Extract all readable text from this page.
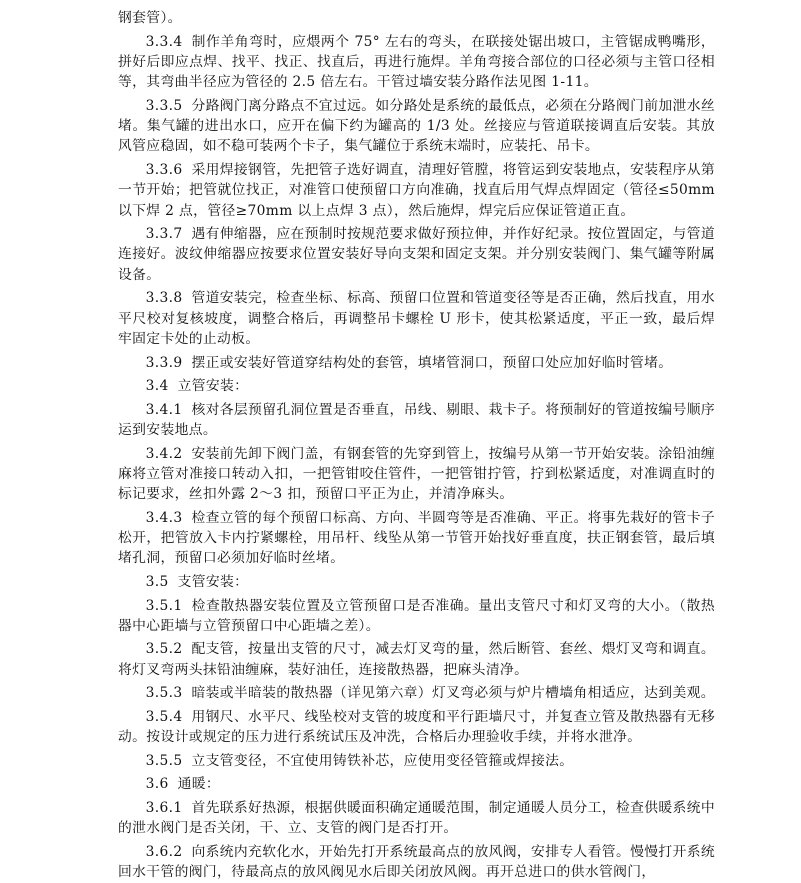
钢套管）。

3.3.4 制作羊角弯时，应煨两个 75° 左右的弯头，在联接处锯出坡口，主管锯成鸭嘴形，拼好后即应点焊、找平、找正、找直后，再进行施焊。羊角弯接合部位的口径必须与主管口径相等，其弯曲半径应为管径的 2.5 倍左右。干管过墙安装分路作法见图 1-11。

3.3.5 分路阀门离分路点不宜过远。如分路处是系统的最低点，必须在分路阀门前加泄水丝堵。集气罐的进出水口，应开在偏下约为罐高的 1/3 处。丝接应与管道联接调直后安装。其放风管应稳固，如不稳可装两个卡子，集气罐位于系统末端时，应装托、吊卡。

3.3.6 采用焊接钢管，先把管子选好调直，清理好管膛，将管运到安装地点，安装程序从第一节开始；把管就位找正，对准管口使预留口方向准确，找直后用气焊点焊固定（管径≤50mm 以下焊 2 点，管径≥70mm 以上点焊 3 点），然后施焊，焊完后应保证管道正直。

3.3.7 遇有伸缩器，应在预制时按规范要求做好预拉伸，并作好纪录。按位置固定，与管道连接好。波纹伸缩器应按要求位置安装好导向支架和固定支架。并分别安装阀门、集气罐等附属设备。

3.3.8 管道安装完，检查坐标、标高、预留口位置和管道变径等是否正确，然后找直，用水平尺校对复核坡度，调整合格后，再调整吊卡螺栓 U 形卡，使其松紧适度，平正一致，最后焊牢固定卡处的止动板。

3.3.9 摆正或安装好管道穿结构处的套管，填堵管洞口，预留口处应加好临时管堵。

3.4 立管安装：

3.4.1 核对各层预留孔洞位置是否垂直，吊线、剔眼、栽卡子。将预制好的管道按编号顺序运到安装地点。

3.4.2 安装前先卸下阀门盖，有钢套管的先穿到管上，按编号从第一节开始安装。涂铅油缠麻将立管对准接口转动入扣，一把管钳咬住管件，一把管钳拧管，拧到松紧适度，对准调直时的标记要求，丝扣外露 2～3 扣，预留口平正为止，并清净麻头。

3.4.3 检查立管的每个预留口标高、方向、半圆弯等是否准确、平正。将事先栽好的管卡子松开，把管放入卡内拧紧螺栓，用吊杆、线坠从第一节管开始找好垂直度，扶正钢套管，最后填堵孔洞，预留口必须加好临时丝堵。

3.5 支管安装：

3.5.1 检查散热器安装位置及立管预留口是否准确。量出支管尺寸和灯叉弯的大小。（散热器中心距墙与立管预留口中心距墙之差）。

3.5.2 配支管，按量出支管的尺寸，减去灯叉弯的量，然后断管、套丝、煨灯叉弯和调直。将灯叉弯两头抹铅油缠麻，装好油任，连接散热器，把麻头清净。

3.5.3 暗装或半暗装的散热器（详见第六章）灯叉弯必须与炉片槽墙角相适应，达到美观。

3.5.4 用钢尺、水平尺、线坠校对支管的坡度和平行距墙尺寸，并复查立管及散热器有无移动。按设计或规定的压力进行系统试压及冲洗，合格后办理验收手续，并将水泄净。

3.5.5 立支管变径，不宜使用铸铁补芯，应使用变径管箍或焊接法。

3.6 通暖：

3.6.1 首先联系好热源，根据供暖面积确定通暖范围，制定通暖人员分工，检查供暖系统中的泄水阀门是否关闭，干、立、支管的阀门是否打开。

3.6.2 向系统内充软化水，开始先打开系统最高点的放风阀，安排专人看管。慢慢打开系统回水干管的阀门，待最高点的放风阀见水后即关闭放风阀。再开总进口的供水管阀门，
